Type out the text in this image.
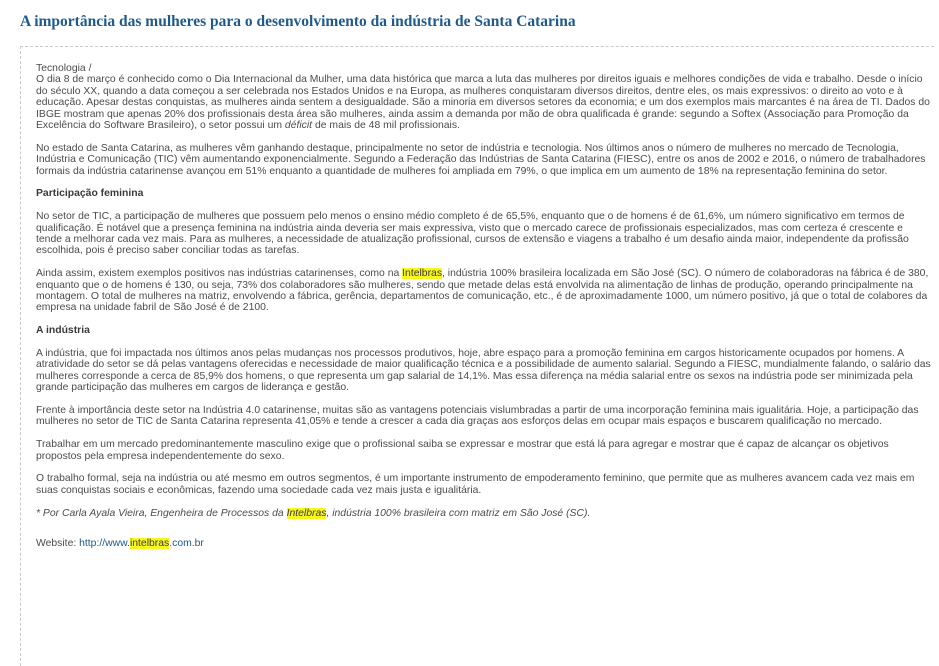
A importância das mulheres para o desenvolvimento da indústria de Santa Catarina

Tecnologia /

O dia 8 de março é conhecido como o Dia Internacional da Mulher, uma data histórica que marca a luta das mulheres por direitos iguais e melhores condições de vida e trabalho. Desde o início do século XX, quando a data começou a ser celebrada nos Estados Unidos e na Europa, as mulheres conquistaram diversos direitos, dentre eles, os mais expressivos: o direito ao voto e à educação. Apesar destas conquistas, as mulheres ainda sentem a desigualdade. São a minoria em diversos setores da economia; e um dos exemplos mais marcantes é na área de TI. Dados do IBGE mostram que apenas 20% dos profissionais desta área são mulheres, ainda assim a demanda por mão de obra qualificada é grande: segundo a Softex (Associação para Promoção da Excelência do Software Brasileiro), o setor possui um déficit de mais de 48 mil profissionais.

No estado de Santa Catarina, as mulheres vêm ganhando destaque, principalmente no setor de indústria e tecnologia. Nos últimos anos o número de mulheres no mercado de Tecnologia, Indústria e Comunicação (TIC) vêm aumentando exponencialmente. Segundo a Federação das Indústrias de Santa Catarina (FIESC), entre os anos de 2002 e 2016, o número de trabalhadores formais da indústria catarinense avançou em 51% enquanto a quantidade de mulheres foi ampliada em 79%, o que implica em um aumento de 18% na representação feminina do setor.

Participação feminina

No setor de TIC, a participação de mulheres que possuem pelo menos o ensino médio completo é de 65,5%, enquanto que o de homens é de 61,6%, um número significativo em termos de qualificação. É notável que a presença feminina na indústria ainda deveria ser mais expressiva, visto que o mercado carece de profissionais especializados, mas com certeza é crescente e tende a melhorar cada vez mais. Para as mulheres, a necessidade de atualização profissional, cursos de extensão e viagens a trabalho é um desafio ainda maior, independente da profissão escolhida, pois é preciso saber conciliar todas as tarefas.

Ainda assim, existem exemplos positivos nas indústrias catarinenses, como na Intelbras, indústria 100% brasileira localizada em São José (SC). O número de colaboradoras na fábrica é de 380, enquanto que o de homens é 130, ou seja, 73% dos colaboradores são mulheres, sendo que metade delas está envolvida na alimentação de linhas de produção, operando principalmente na montagem. O total de mulheres na matriz, envolvendo a fábrica, gerência, departamentos de comunicação, etc., é de aproximadamente 1000, um número positivo, já que o total de colabores da empresa na unidade fabril de São José é de 2100.

A indústria

A indústria, que foi impactada nos últimos anos pelas mudanças nos processos produtivos, hoje, abre espaço para a promoção feminina em cargos historicamente ocupados por homens. A atratividade do setor se dá pelas vantagens oferecidas e necessidade de maior qualificação técnica e a possibilidade de aumento salarial. Segundo a FIESC, mundialmente falando, o salário das mulheres corresponde a cerca de 85,9% dos homens, o que representa um gap salarial de 14,1%. Mas essa diferença na média salarial entre os sexos na indústria pode ser minimizada pela grande participação das mulheres em cargos de liderança e gestão.

Frente à importância deste setor na Indústria 4.0 catarinense, muitas são as vantagens potenciais vislumbradas a partir de uma incorporação feminina mais igualitária. Hoje, a participação das mulheres no setor de TIC de Santa Catarina representa 41,05% e tende a crescer a cada dia graças aos esforços delas em ocupar mais espaços e buscarem qualificação no mercado.

Trabalhar em um mercado predominantemente masculino exige que o profissional saiba se expressar e mostrar que está lá para agregar e mostrar que é capaz de alcançar os objetivos propostos pela empresa independentemente do sexo.

O trabalho formal, seja na indústria ou até mesmo em outros segmentos, é um importante instrumento de empoderamento feminino, que permite que as mulheres avancem cada vez mais em suas conquistas sociais e econômicas, fazendo uma sociedade cada vez mais justa e igualitária.

* Por Carla Ayala Vieira, Engenheira de Processos da Intelbras, indústria 100% brasileira com matriz em São José (SC).

Website: http://www.intelbras.com.br
